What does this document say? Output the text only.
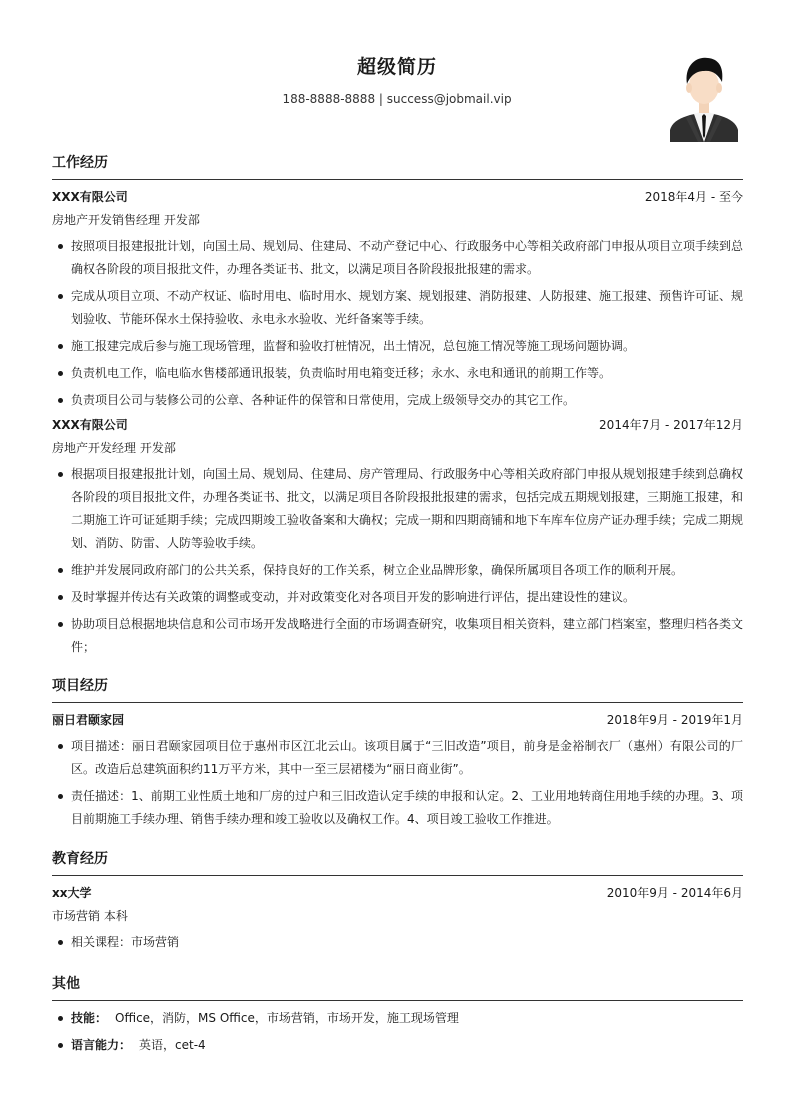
超级简历
188-8888-8888 | success@jobmail.vip
工作经历
XXX有限公司	2018年4月 - 至今
房地产开发销售经理 开发部
按照项目报建报批计划，向国土局、规划局、住建局、不动产登记中心、行政服务中心等相关政府部门申报从项目立项手续到总确权各阶段的项目报批文件，办理各类证书、批文，以满足项目各阶段报批报建的需求。
完成从项目立项、不动产权证、临时用电、临时用水、规划方案、规划报建、消防报建、人防报建、施工报建、预售许可证、规划验收、节能环保水土保持验收、永电永水验收、光纤备案等手续。
施工报建完成后参与施工现场管理，监督和验收打桩情况，出土情况，总包施工情况等施工现场问题协调。
负责机电工作，临电临水售楼部通讯报装，负责临时用电箱变迁移；永水、永电和通讯的前期工作等。
负责项目公司与装修公司的公章、各种证件的保管和日常使用，完成上级领导交办的其它工作。
XXX有限公司	2014年7月 - 2017年12月
房地产开发经理 开发部
根据项目报建报批计划，向国土局、规划局、住建局、房产管理局、行政服务中心等相关政府部门申报从规划报建手续到总确权各阶段的项目报批文件，办理各类证书、批文，以满足项目各阶段报批报建的需求，包括完成五期规划报建，三期施工报建，和二期施工许可证延期手续；完成四期竣工验收备案和大确权；完成一期和四期商铺和地下车库车位房产证办理手续；完成二期规划、消防、防雷、人防等验收手续。
维护并发展同政府部门的公共关系，保持良好的工作关系，树立企业品牌形象，确保所属项目各项工作的顺利开展。
及时掌握并传达有关政策的调整或变动，并对政策变化对各项目开发的影响进行评估，提出建设性的建议。
协助项目总根据地块信息和公司市场开发战略进行全面的市场调查研究，收集项目相关资料，建立部门档案室，整理归档各类文件；
项目经历
丽日君颐家园	2018年9月 - 2019年1月
项目描述：丽日君颐家园项目位于惠州市区江北云山。该项目属于“三旧改造”项目，前身是金裕制衣厂（惠州）有限公司的厂区。改造后总建筑面积约11万平方米，其中一至三层裙楼为“丽日商业街”。
责任描述：1、前期工业性质土地和厂房的过户和三旧改造认定手续的申报和认定。2、工业用地转商住用地手续的办理。3、项目前期施工手续办理、销售手续办理和竣工验收以及确权工作。4、项目竣工验收工作推进。
教育经历
xx大学	2010年9月 - 2014年6月
市场营销 本科
相关课程：市场营销
其他
技能： Office，消防，MS Office，市场营销，市场开发，施工现场管理
语言能力： 英语，cet-4
